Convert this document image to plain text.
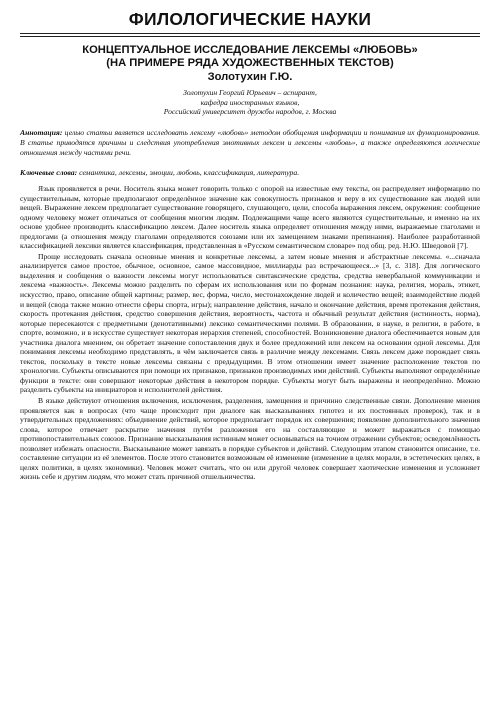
ФИЛОЛОГИЧЕСКИЕ НАУКИ
КОНЦЕПТУАЛЬНОЕ ИССЛЕДОВАНИЕ ЛЕКСЕМЫ «ЛЮБОВЬ»
(НА ПРИМЕРЕ РЯДА ХУДОЖЕСТВЕННЫХ ТЕКСТОВ)
Золотухин Г.Ю.
Золотухин Георгий Юрьевич – аспирант,
кафедра иностранных языков,
Российский университет дружбы народов, г. Москва

Аннотация: целью статьи является исследовать лексему «любовь» методом обобщения информации и понимания их функционирования. В статье приводятся причины и следствия употребления эмотивных лексем и лексемы «любовь», а также определяются логические отношения между частями речи.

Ключевые слова: семантика, лексемы, эмоции, любовь, классификация, литература.

Язык проявляется в речи. Носитель языка может говорить только с опорой на известные ему тексты, он распределяет информацию по существительным, которые предполагают определённое значение как совокупность признаков и веру в их существование как людей или вещей. Выражение лексем предполагает существование говорящего, слушающего, цели, способа выражения лексем, окружения: сообщение одному человеку может отличаться от сообщения многим людям. Подлежащими чаще всего являются существительные, и именно на их основе удобнее производить классификацию лексем. Далее носитель языка определяет отношения между ними, выражаемые глаголами и предлогами (а отношения между глаголами определяются союзами или их замещением знаками препинания). Наиболее разработанной классификацией лексики является классификация, представленная в «Русском семантическом словаре» под общ. ред. Н.Ю. Шведовой [7].

Проще исследовать сначала основные мнения и конкретные лексемы, а затем новые мнения и абстрактные лексемы. «...сначала анализируется самое простое, обычное, основное, самое массовидное, миллиарды раз встречающееся...» [3, с. 318]. Для логического выделения и сообщения о важности лексемы могут использоваться синтаксические средства, средства невербальной коммуникации и лексема «важность». Лексемы можно разделить по сферам их использования или по формам познания: наука, религия, мораль, этикет, искусство, право, описание общей картины; размер, вес, форма, число, местонахождение людей и количество вещей; взаимодействие людей и вещей (свода также можно отнести сферы спорта, игры); направление действия, начало и окончание действия, время протекания действия, скорость протекания действия, средство совершения действия, вероятность, частота и обычный результат действия (истинность, норма), которые пересекаются с предметными (денотативными) лексико семантическими полями. В образовании, в науке, в религии, в работе, в спорте, возможно, и в искусстве существует некоторая иерархия степеней, способностей. Возникновение диалога обеспечивается новым для участника диалога мнением, он обретает значение сопоставления двух и более предложений или лексем на основании одной лексемы. Для понимания лексемы необходимо представлять, в чём заключается связь в различие между лексемами. Связь лексем даже порождает связь текстов, поскольку в тексте новые лексемы связаны с предыдущими. В этом отношении имеет значение расположение текстов по хронологии. Субъекты описываются при помощи их признаков, признаков производимых ими действий. Субъекты выполняют определённые функции в тексте: они совершают некоторые действия в некотором порядке. Субъекты могут быть выражены и неопределённо. Можно разделить субъекты на инициаторов и исполнителей действия.

В языке действуют отношения включения, исключения, разделения, замещения и причинно следственные связи. Дополнение мнения проявляется как в вопросах (что чаще происходит при диалоге как высказываниях гипотез и их постоянных проверок), так и в утвердительных предложениях: объединение действий, которое предполагает порядок их совершения; появление дополнительного значения слова, которое отвечает раскрытие значения путём разложения его на составляющие и может выражаться с помощью противопоставительных союзов. Признание высказывания истинным может основываться на точном отражении субъектов; осведомлённость позволяет избежать опасности. Высказывание может завязать в порядке субъектов и действий. Следующим этапом становится описание, т.е. составление ситуации из её элементов. После этого становится возможным её изменение (изменение в целях морали, в эстетических целях, в целях политики, в целях экономики). Человек может считать, что он или другой человек совершает хаотические изменения и усложняет жизнь себе и другим людям, что может стать причиной отшельничества.
